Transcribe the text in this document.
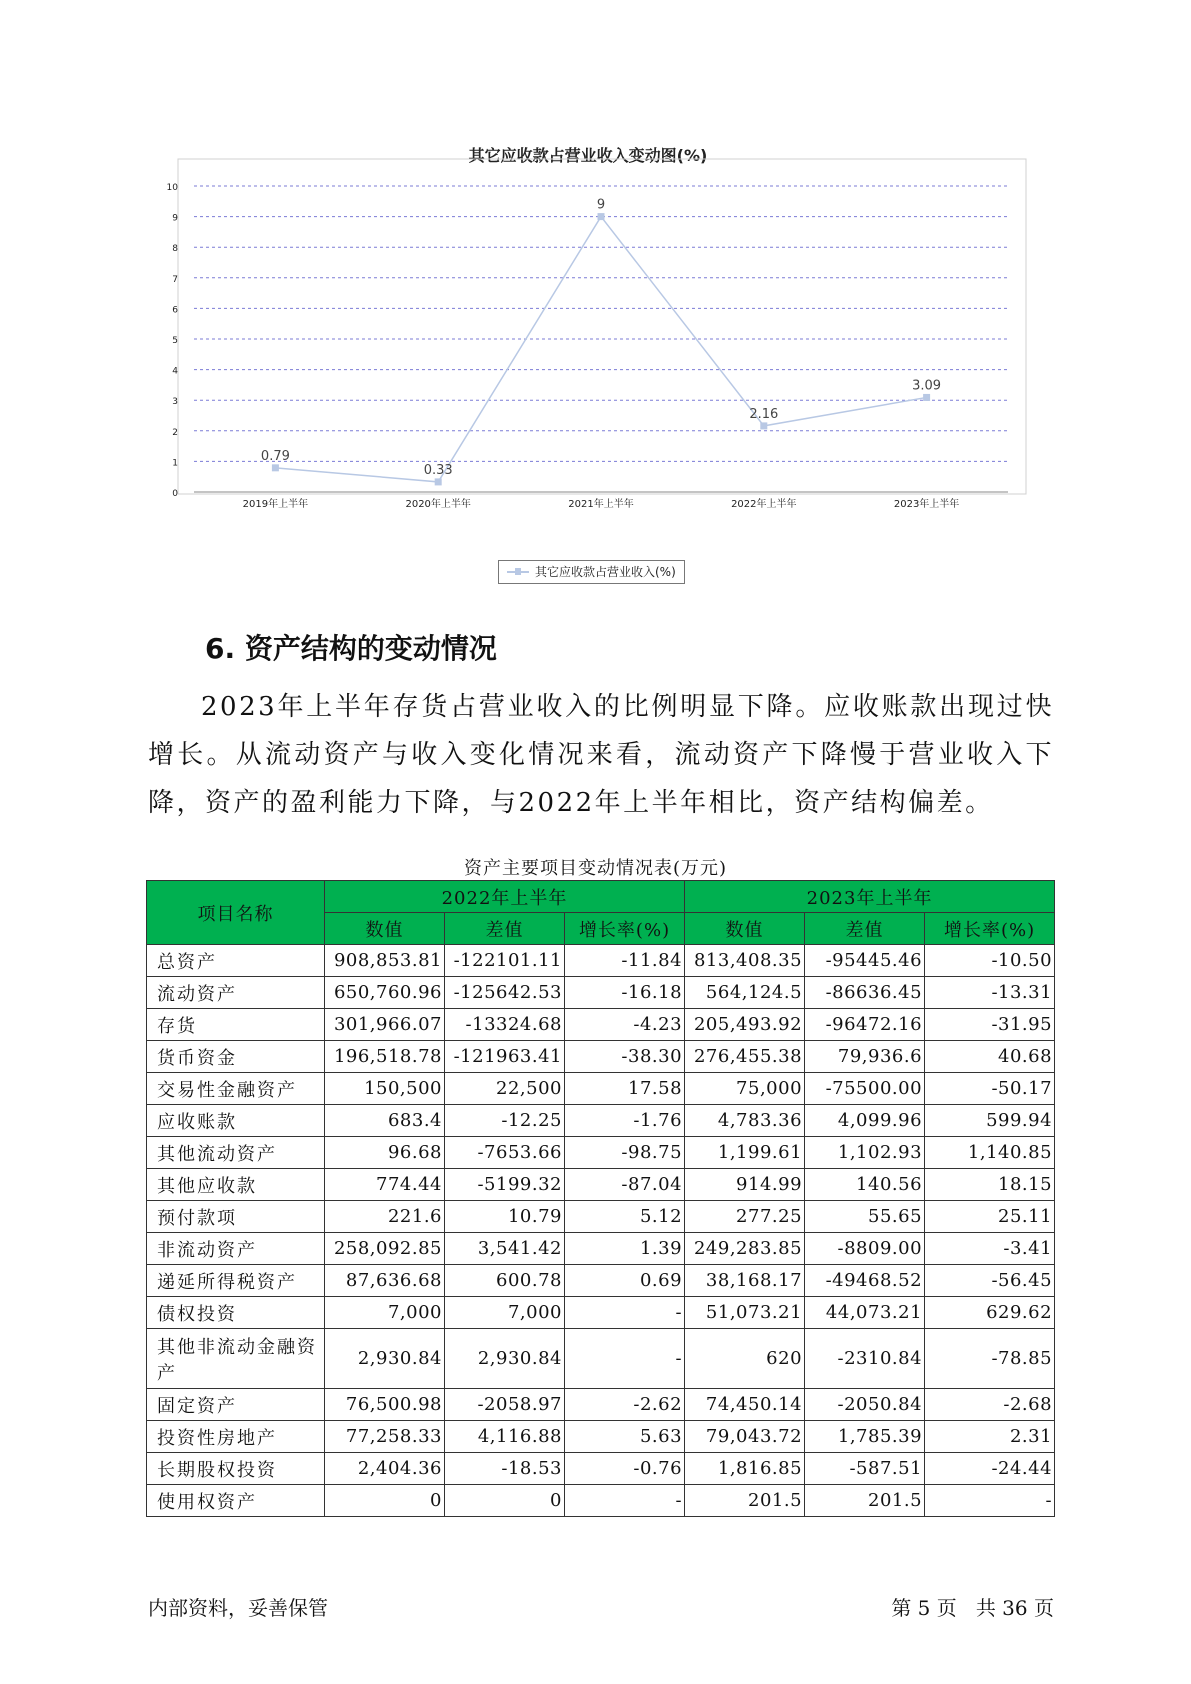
其它应收款占营业收入变动图(%)
0
1
2
3
4
5
6
7
8
9
10
2019年上半年	2020年上半年	2021年上半年	2022年上半年	2023年上半年
0.79
0.33
9
2.16
3.09
其它应收款占营业收入(%)
6. 资产结构的变动情况
2023年上半年存货占营业收入的比例明显下降。应收账款出现过快增长。从流动资产与收入变化情况来看，流动资产下降慢于营业收入下降，资产的盈利能力下降，与2022年上半年相比，资产结构偏差。
资产主要项目变动情况表(万元)
项目名称	2022年上半年			2023年上半年		
	数值	差值	增长率(%)	数值	差值	增长率(%)
总资产	908,853.81	-122101.11	-11.84	813,408.35	-95445.46	-10.50
流动资产	650,760.96	-125642.53	-16.18	564,124.5	-86636.45	-13.31
存货	301,966.07	-13324.68	-4.23	205,493.92	-96472.16	-31.95
货币资金	196,518.78	-121963.41	-38.30	276,455.38	79,936.6	40.68
交易性金融资产	150,500	22,500	17.58	75,000	-75500.00	-50.17
应收账款	683.4	-12.25	-1.76	4,783.36	4,099.96	599.94
其他流动资产	96.68	-7653.66	-98.75	1,199.61	1,102.93	1,140.85
其他应收款	774.44	-5199.32	-87.04	914.99	140.56	18.15
预付款项	221.6	10.79	5.12	277.25	55.65	25.11
非流动资产	258,092.85	3,541.42	1.39	249,283.85	-8809.00	-3.41
递延所得税资产	87,636.68	600.78	0.69	38,168.17	-49468.52	-56.45
债权投资	7,000	7,000	-	51,073.21	44,073.21	629.62
其他非流动金融资产	2,930.84	2,930.84	-	620	-2310.84	-78.85
固定资产	76,500.98	-2058.97	-2.62	74,450.14	-2050.84	-2.68
投资性房地产	77,258.33	4,116.88	5.63	79,043.72	1,785.39	2.31
长期股权投资	2,404.36	-18.53	-0.76	1,816.85	-587.51	-24.44
使用权资产	0	0	-	201.5	201.5	-
内部资料，妥善保管	第 5 页   共 36 页
